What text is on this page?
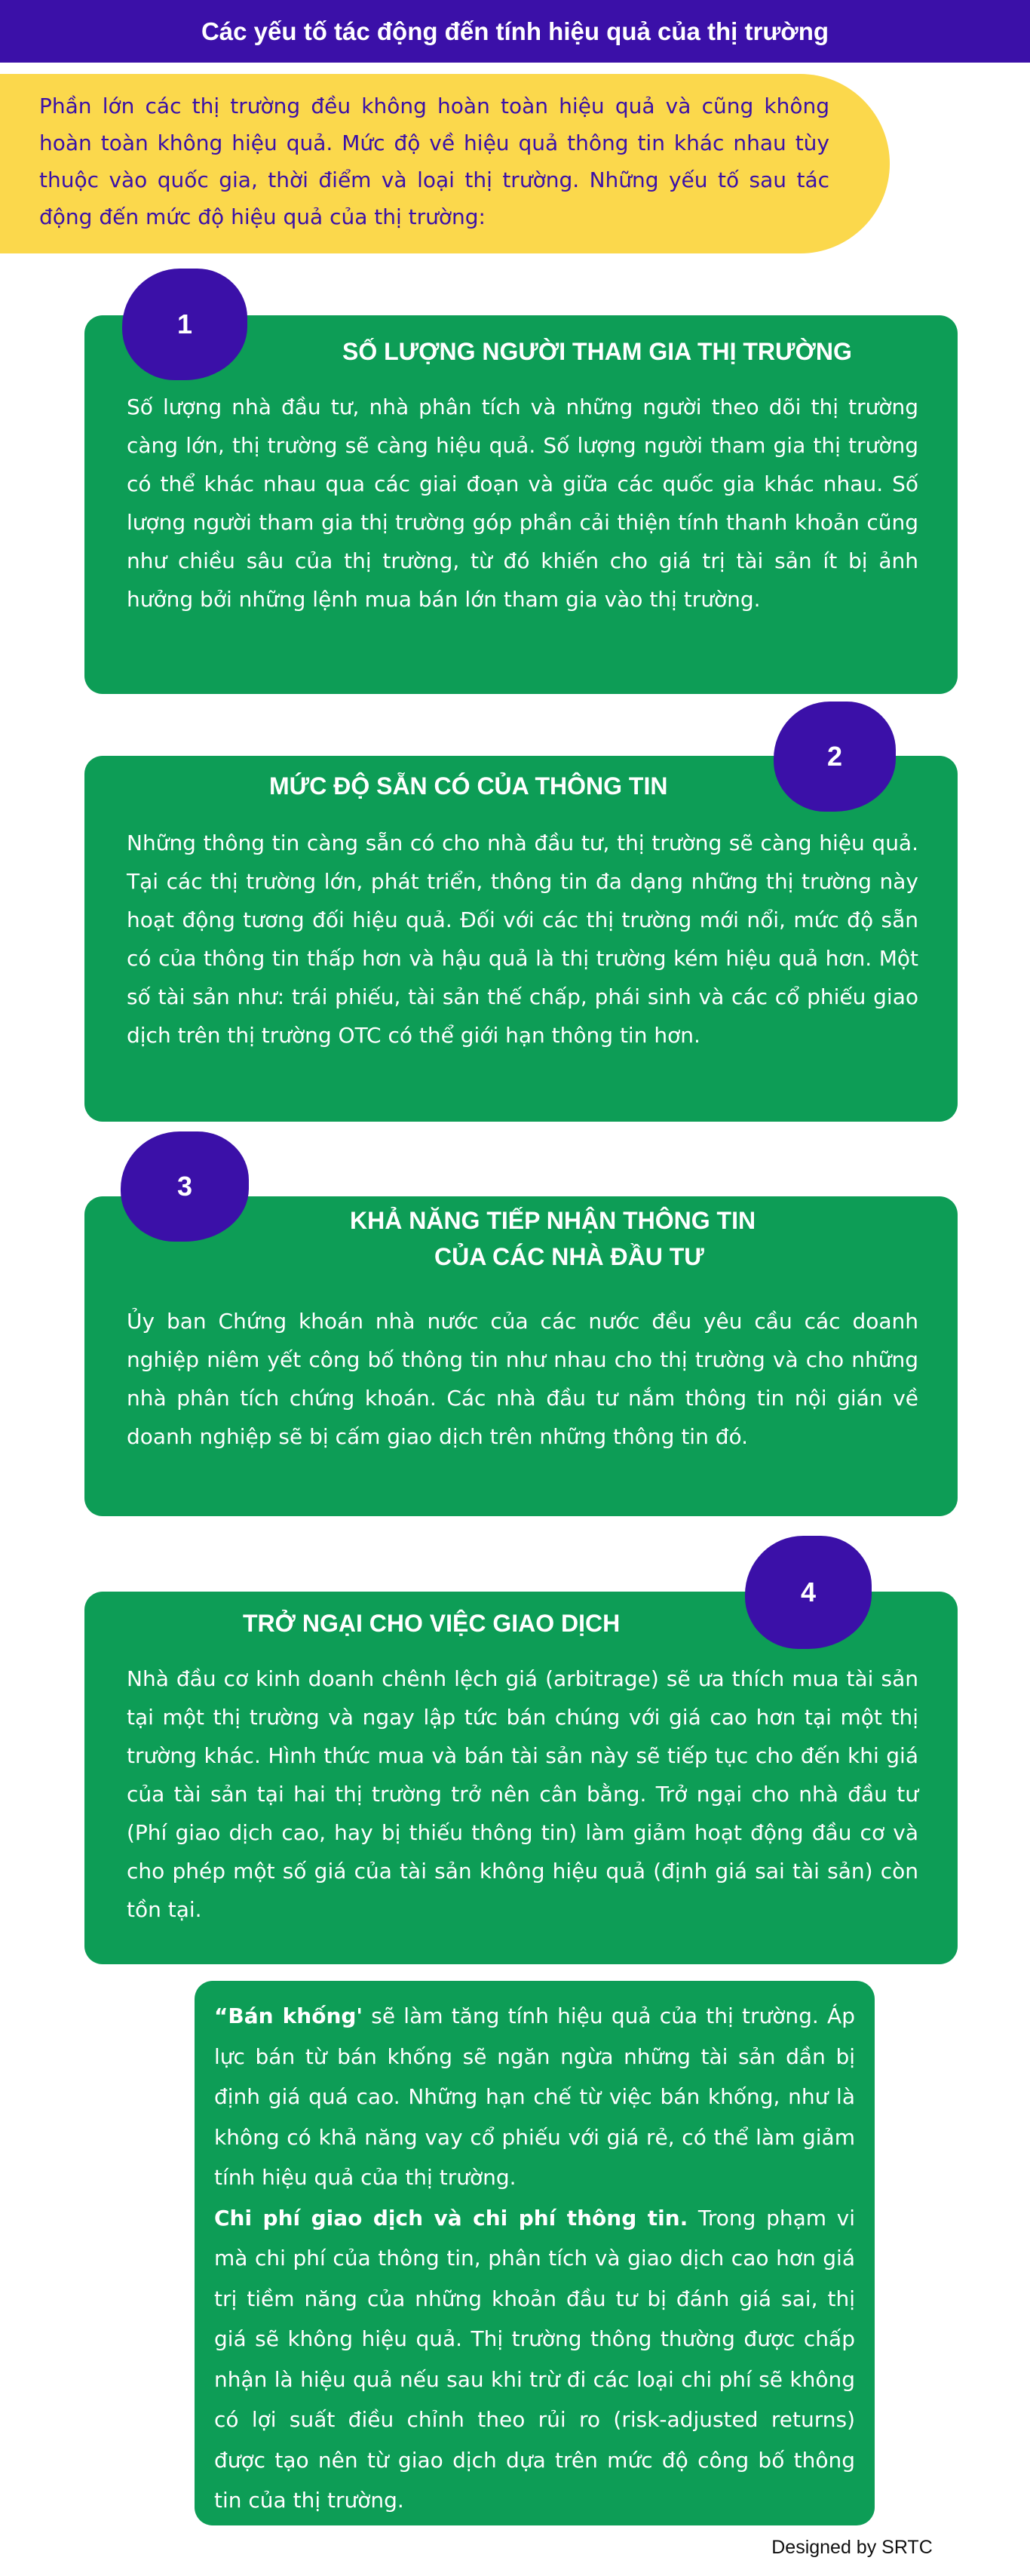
Các yếu tố tác động đến tính hiệu quả của thị trường

Phần lớn các thị trường đều không hoàn toàn hiệu quả và cũng không hoàn toàn không hiệu quả. Mức độ về hiệu quả thông tin khác nhau tùy thuộc vào quốc gia, thời điểm và loại thị trường. Những yếu tố sau tác động đến mức độ hiệu quả của thị trường:

SỐ LƯỢNG NGƯỜI THAM GIA THỊ TRƯỜNG

Số lượng nhà đầu tư, nhà phân tích và những người theo dõi thị trường càng lớn, thị trường sẽ càng hiệu quả. Số lượng người tham gia thị trường có thể khác nhau qua các giai đoạn và giữa các quốc gia khác nhau. Số lượng người tham gia thị trường góp phần cải thiện tính thanh khoản cũng như chiều sâu của thị trường, từ đó khiến cho giá trị tài sản ít bị ảnh hưởng bởi những lệnh mua bán lớn tham gia vào thị trường.

1
MỨC ĐỘ SẴN CÓ CỦA THÔNG TIN

Những thông tin càng sẵn có cho nhà đầu tư, thị trường sẽ càng hiệu quả. Tại các thị trường lớn, phát triển, thông tin đa dạng những thị trường này hoạt động tương đối hiệu quả. Đối với các thị trường mới nổi, mức độ sẵn có của thông tin thấp hơn và hậu quả là thị trường kém hiệu quả hơn. Một số tài sản như: trái phiếu, tài sản thế chấp, phái sinh và các cổ phiếu giao dịch trên thị trường OTC có thể giới hạn thông tin hơn.

2
KHẢ NĂNG TIẾP NHẬN THÔNG TIN
CỦA CÁC NHÀ ĐẦU TƯ

Ủy ban Chứng khoán nhà nước của các nước đều yêu cầu các doanh nghiệp niêm yết công bố thông tin như nhau cho thị trường và cho những nhà phân tích chứng khoán. Các nhà đầu tư nắm thông tin nội gián về doanh nghiệp sẽ bị cấm giao dịch trên những thông tin đó.

3
TRỞ NGẠI CHO VIỆC GIAO DỊCH

Nhà đầu cơ kinh doanh chênh lệch giá (arbitrage) sẽ ưa thích mua tài sản tại một thị trường và ngay lập tức bán chúng với giá cao hơn tại một thị trường khác. Hình thức mua và bán tài sản này sẽ tiếp tục cho đến khi giá của tài sản tại hai thị trường trở nên cân bằng. Trở ngại cho nhà đầu tư (Phí giao dịch cao, hay bị thiếu thông tin) làm giảm hoạt động đầu cơ và cho phép một số giá của tài sản không hiệu quả (định giá sai tài sản) còn tồn tại.

4

“Bán khống' sẽ làm tăng tính hiệu quả của thị trường. Áp lực bán từ bán khống sẽ ngăn ngừa những tài sản dần bị định giá quá cao. Những hạn chế từ việc bán khống, như là không có khả năng vay cổ phiếu với giá rẻ, có thể làm giảm tính hiệu quả của thị trường.
Chi phí giao dịch và chi phí thông tin. Trong phạm vi mà chi phí của thông tin, phân tích và giao dịch cao hơn giá trị tiềm năng của những khoản đầu tư bị đánh giá sai, thị giá sẽ không hiệu quả. Thị trường thông thường được chấp nhận là hiệu quả nếu sau khi trừ đi các loại chi phí sẽ không có lợi suất điều chỉnh theo rủi ro (risk-adjusted returns) được tạo nên từ giao dịch dựa trên mức độ công bố thông tin của thị trường.

Designed by SRTC
